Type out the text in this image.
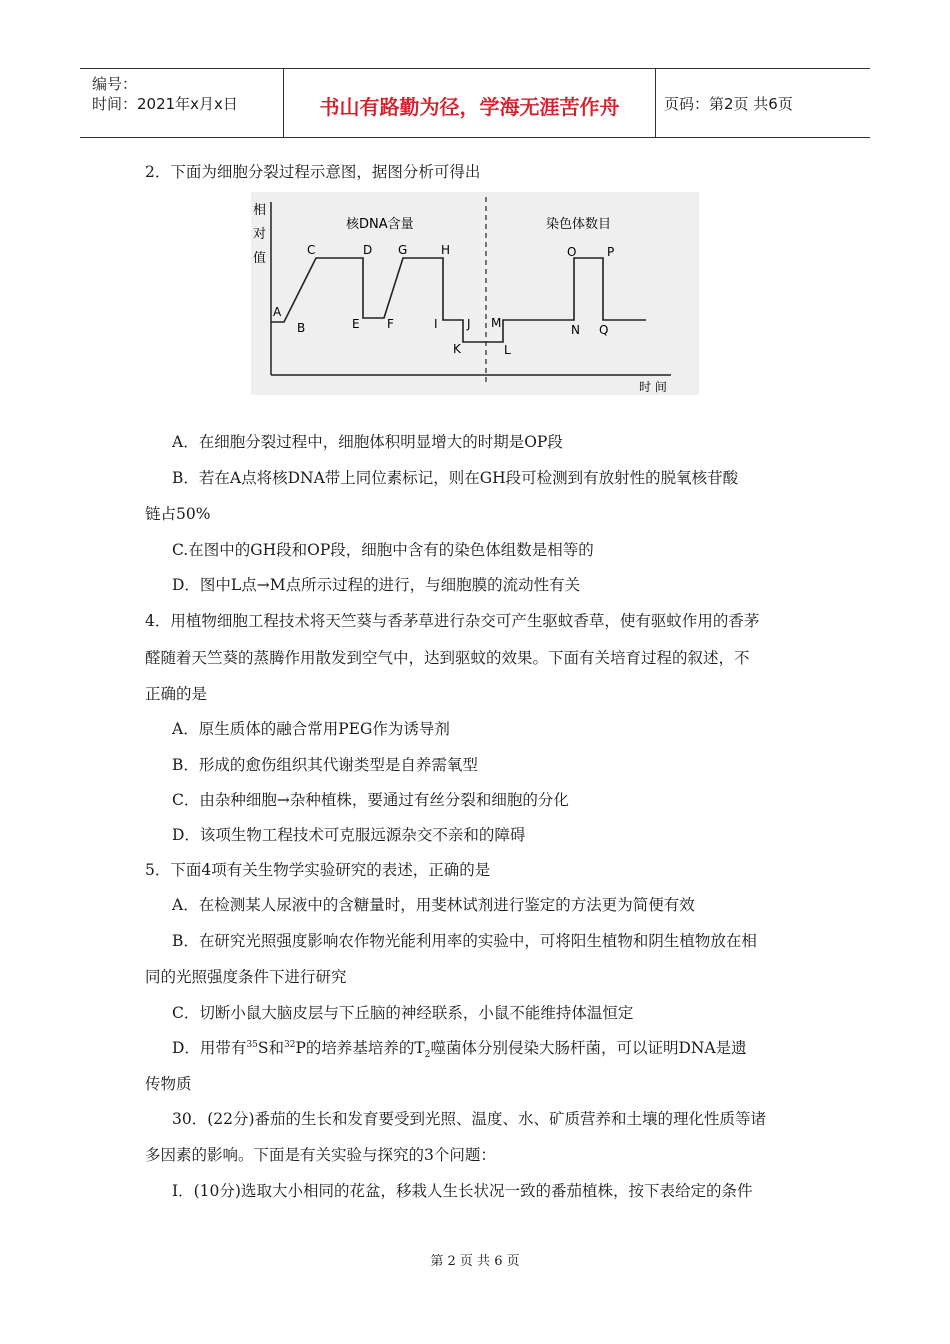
编号：
时间：2021年x月x日	书山有路勤为径，学海无涯苦作舟	页码：第2页 共6页
2．下面为细胞分裂过程示意图，据图分析可得出
相
对
值
核DNA含量	染色体数目
时 间
A
B
C	D
E F
G	H
I J
K	L
M	N
O	P
Q
A．在细胞分裂过程中，细胞体积明显增大的时期是OP段
B．若在A点将核DNA带上同位素标记，则在GH段可检测到有放射性的脱氧核苷酸
链占50%
C.在图中的GH段和OP段，细胞中含有的染色体组数是相等的
D．图中L点→M点所示过程的进行，与细胞膜的流动性有关
4．用植物细胞工程技术将天竺葵与香茅草进行杂交可产生驱蚊香草，使有驱蚊作用的香茅
醛随着天竺葵的蒸腾作用散发到空气中，达到驱蚊的效果。下面有关培育过程的叙述，不
正确的是
A．原生质体的融合常用PEG作为诱导剂
B．形成的愈伤组织其代谢类型是自养需氧型
C．由杂种细胞→杂种植株，要通过有丝分裂和细胞的分化
D．该项生物工程技术可克服远源杂交不亲和的障碍
5．下面4项有关生物学实验研究的表述，正确的是
A．在检测某人尿液中的含糖量时，用斐林试剂进行鉴定的方法更为简便有效
B．在研究光照强度影响农作物光能利用率的实验中，可将阳生植物和阴生植物放在相
同的光照强度条件下进行研究
C．切断小鼠大脑皮层与下丘脑的神经联系，小鼠不能维持体温恒定
D．用带有$^{35}$S和$^{32}$P的培养基培养的$T_2$噬菌体分别侵染大肠杆菌，可以证明DNA是遗
传物质
30．(22分)番茄的生长和发育要受到光照、温度、水、矿质营养和土壤的理化性质等诸
多因素的影响。下面是有关实验与探究的3个问题：
I．(10分)选取大小相同的花盆，移栽人生长状况一致的番茄植株，按下表给定的条件
第 2 页 共 6 页
